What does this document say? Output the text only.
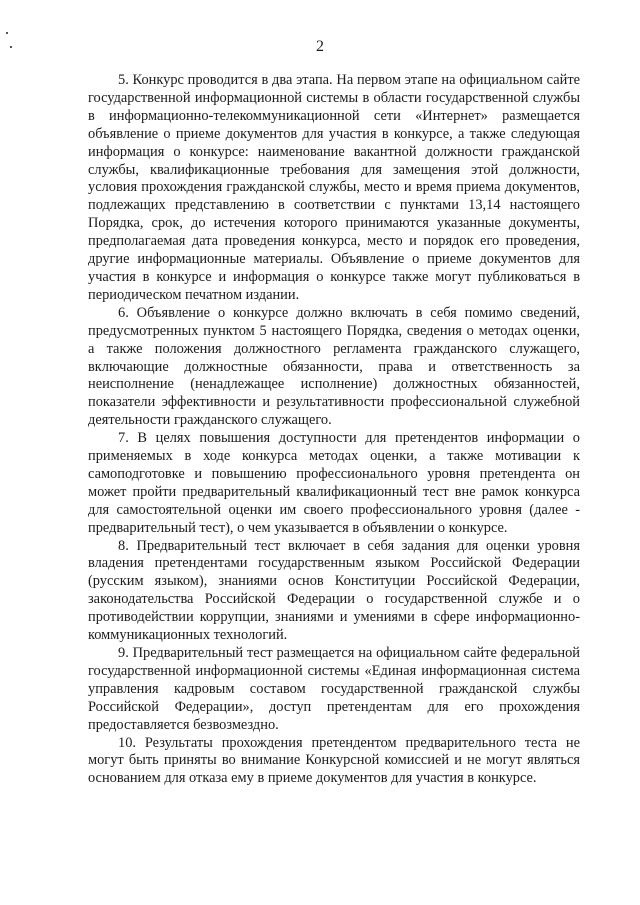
2

5. Конкурс проводится в два этапа. На первом этапе на официальном сайте государственной информационной системы в области государственной службы в информационно-телекоммуникационной сети «Интернет» размещается объявление о приеме документов для участия в конкурсе, а также следующая информация о конкурсе: наименование вакантной должности гражданской службы, квалификационные требования для замещения этой должности, условия прохождения гражданской службы, место и время приема документов, подлежащих представлению в соответствии с пунктами 13,14 настоящего Порядка, срок, до истечения которого принимаются указанные документы, предполагаемая дата проведения конкурса, место и порядок его проведения, другие информационные материалы. Объявление о приеме документов для участия в конкурсе и информация о конкурсе также могут публиковаться в периодическом печатном издании.

6. Объявление о конкурсе должно включать в себя помимо сведений, предусмотренных пунктом 5 настоящего Порядка, сведения о методах оценки, а также положения должностного регламента гражданского служащего, включающие должностные обязанности, права и ответственность за неисполнение (ненадлежащее исполнение) должностных обязанностей, показатели эффективности и результативности профессиональной служебной деятельности гражданского служащего.

7. В целях повышения доступности для претендентов информации о применяемых в ходе конкурса методах оценки, а также мотивации к самоподготовке и повышению профессионального уровня претендента он может пройти предварительный квалификационный тест вне рамок конкурса для самостоятельной оценки им своего профессионального уровня (далее - предварительный тест), о чем указывается в объявлении о конкурсе.

8. Предварительный тест включает в себя задания для оценки уровня владения претендентами государственным языком Российской Федерации (русским языком), знаниями основ Конституции Российской Федерации, законодательства Российской Федерации о государственной службе и о противодействии коррупции, знаниями и умениями в сфере информационно-коммуникационных технологий.

9. Предварительный тест размещается на официальном сайте федеральной государственной информационной системы «Единая информационная система управления кадровым составом государственной гражданской службы Российской Федерации», доступ претендентам для его прохождения предоставляется безвозмездно.

10. Результаты прохождения претендентом предварительного теста не могут быть приняты во внимание Конкурсной комиссией и не могут являться основанием для отказа ему в приеме документов для участия в конкурсе.
